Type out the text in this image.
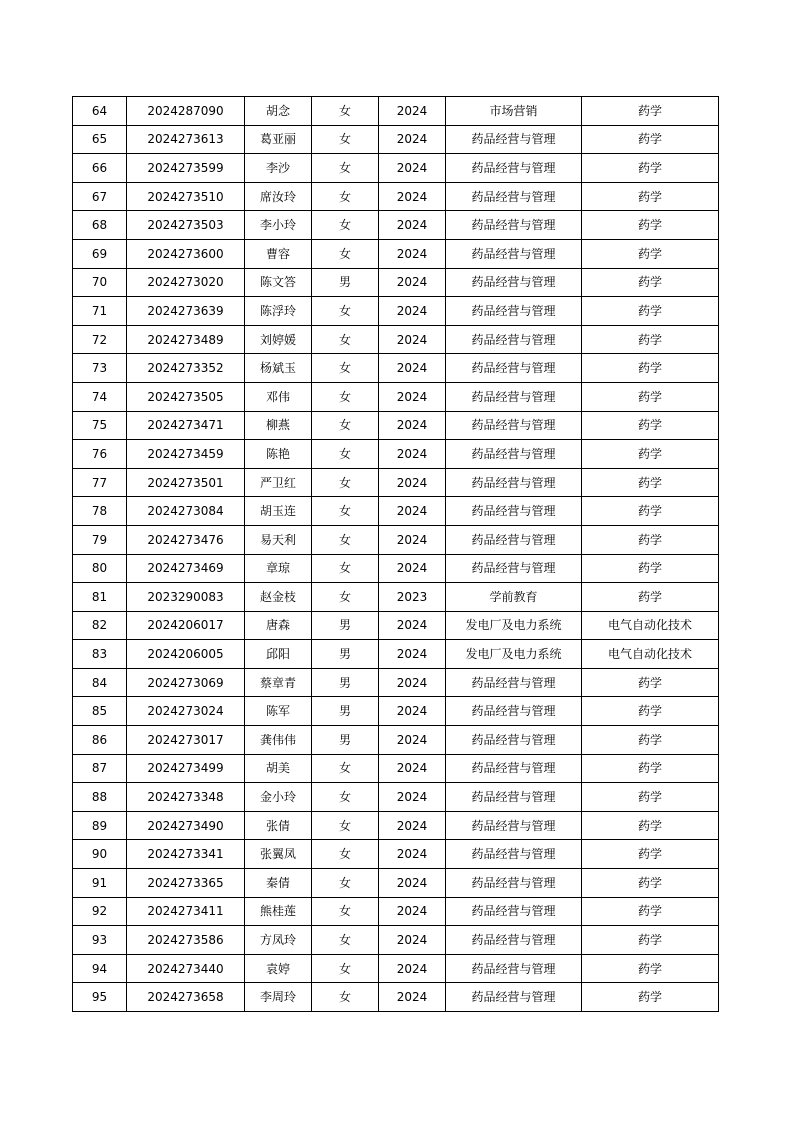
64	2024287090	胡念	女	2024	市场营销	药学
65	2024273613	葛亚丽	女	2024	药品经营与管理	药学
66	2024273599	李沙	女	2024	药品经营与管理	药学
67	2024273510	席汝玲	女	2024	药品经营与管理	药学
68	2024273503	李小玲	女	2024	药品经营与管理	药学
69	2024273600	曹容	女	2024	药品经营与管理	药学
70	2024273020	陈文答	男	2024	药品经营与管理	药学
71	2024273639	陈浮玲	女	2024	药品经营与管理	药学
72	2024273489	刘婷媛	女	2024	药品经营与管理	药学
73	2024273352	杨斌玉	女	2024	药品经营与管理	药学
74	2024273505	邓伟	女	2024	药品经营与管理	药学
75	2024273471	柳燕	女	2024	药品经营与管理	药学
76	2024273459	陈艳	女	2024	药品经营与管理	药学
77	2024273501	严卫红	女	2024	药品经营与管理	药学
78	2024273084	胡玉连	女	2024	药品经营与管理	药学
79	2024273476	易天利	女	2024	药品经营与管理	药学
80	2024273469	章琼	女	2024	药品经营与管理	药学
81	2023290083	赵金枝	女	2023	学前教育	药学
82	2024206017	唐森	男	2024	发电厂及电力系统	电气自动化技术
83	2024206005	邱阳	男	2024	发电厂及电力系统	电气自动化技术
84	2024273069	蔡章青	男	2024	药品经营与管理	药学
85	2024273024	陈军	男	2024	药品经营与管理	药学
86	2024273017	龚伟伟	男	2024	药品经营与管理	药学
87	2024273499	胡美	女	2024	药品经营与管理	药学
88	2024273348	金小玲	女	2024	药品经营与管理	药学
89	2024273490	张倩	女	2024	药品经营与管理	药学
90	2024273341	张翼凤	女	2024	药品经营与管理	药学
91	2024273365	秦倩	女	2024	药品经营与管理	药学
92	2024273411	熊桂莲	女	2024	药品经营与管理	药学
93	2024273586	方凤玲	女	2024	药品经营与管理	药学
94	2024273440	袁婷	女	2024	药品经营与管理	药学
95	2024273658	李周玲	女	2024	药品经营与管理	药学
